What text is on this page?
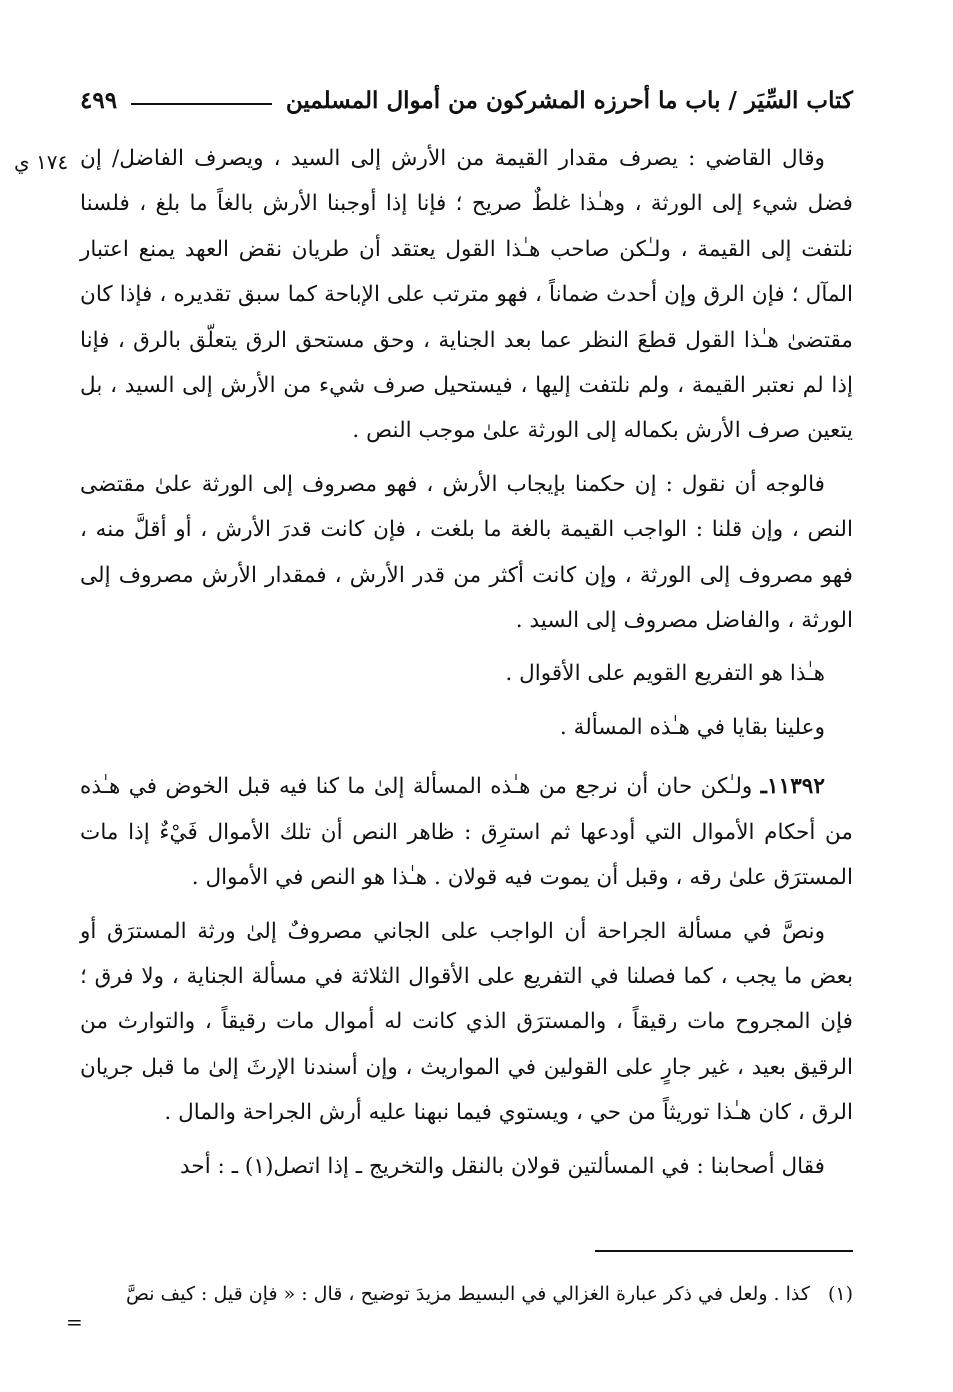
كتاب السِّيَر / باب ما أحرزه المشركون من أموال المسلمين
٤٩٩
١٧٤ ي وقال القاضي : يصرف مقدار القيمة من الأرش إلى السيد ، ويصرف الفاضل/ إن فضل شيء إلى الورثة ، وهـٰذا غلطٌ صريح ؛ فإنا إذا أوجبنا الأرش بالغاً ما بلغ ، فلسنا نلتفت إلى القيمة ، ولـٰكن صاحب هـٰذا القول يعتقد أن طريان نقض العهد يمنع اعتبار المآل ؛ فإن الرق وإن أحدث ضماناً ، فهو مترتب على الإباحة كما سبق تقديره ، فإذا كان مقتضىٰ هـٰذا القول قطعَ النظر عما بعد الجناية ، وحق مستحق الرق يتعلّق بالرق ، فإنا إذا لم نعتبر القيمة ، ولم نلتفت إليها ، فيستحيل صرف شيء من الأرش إلى السيد ، بل يتعين صرف الأرش بكماله إلى الورثة علىٰ موجب النص .

فالوجه أن نقول : إن حكمنا بإيجاب الأرش ، فهو مصروف إلى الورثة علىٰ مقتضى النص ، وإن قلنا : الواجب القيمة بالغة ما بلغت ، فإن كانت قدرَ الأرش ، أو أقلَّ منه ، فهو مصروف إلى الورثة ، وإن كانت أكثر من قدر الأرش ، فمقدار الأرش مصروف إلى الورثة ، والفاضل مصروف إلى السيد .

هـٰذا هو التفريع القويم على الأقوال .

وعلينا بقايا في هـٰذه المسألة .

١١٣٩٢ـ ولـٰكن حان أن نرجع من هـٰذه المسألة إلىٰ ما كنا فيه قبل الخوض في هـٰذه من أحكام الأموال التي أودعها ثم استرِق : ظاهر النص أن تلك الأموال فَيْءٌ إذا مات المسترَق علىٰ رقه ، وقبل أن يموت فيه قولان . هـٰذا هو النص في الأموال .

ونصَّ في مسألة الجراحة أن الواجب على الجاني مصروفٌ إلىٰ ورثة المسترَق أو بعض ما يجب ، كما فصلنا في التفريع على الأقوال الثلاثة في مسألة الجناية ، ولا فرق ؛ فإن المجروح مات رقيقاً ، والمسترَق الذي كانت له أموال مات رقيقاً ، والتوارث من الرقيق بعيد ، غير جارٍ على القولين في المواريث ، وإن أسندنا الإرثَ إلىٰ ما قبل جريان الرق ، كان هـٰذا توريثاً من حي ، ويستوي فيما نبهنا عليه أرش الجراحة والمال .

فقال أصحابنا : في المسألتين قولان بالنقل والتخريج ـ إذا اتصل(١) ـ : أحد

(١)كذا . ولعل في ذكر عبارة الغزالي في البسيط مزيدَ توضيح ، قال : « فإن قيل : كيف نصَّ
=
